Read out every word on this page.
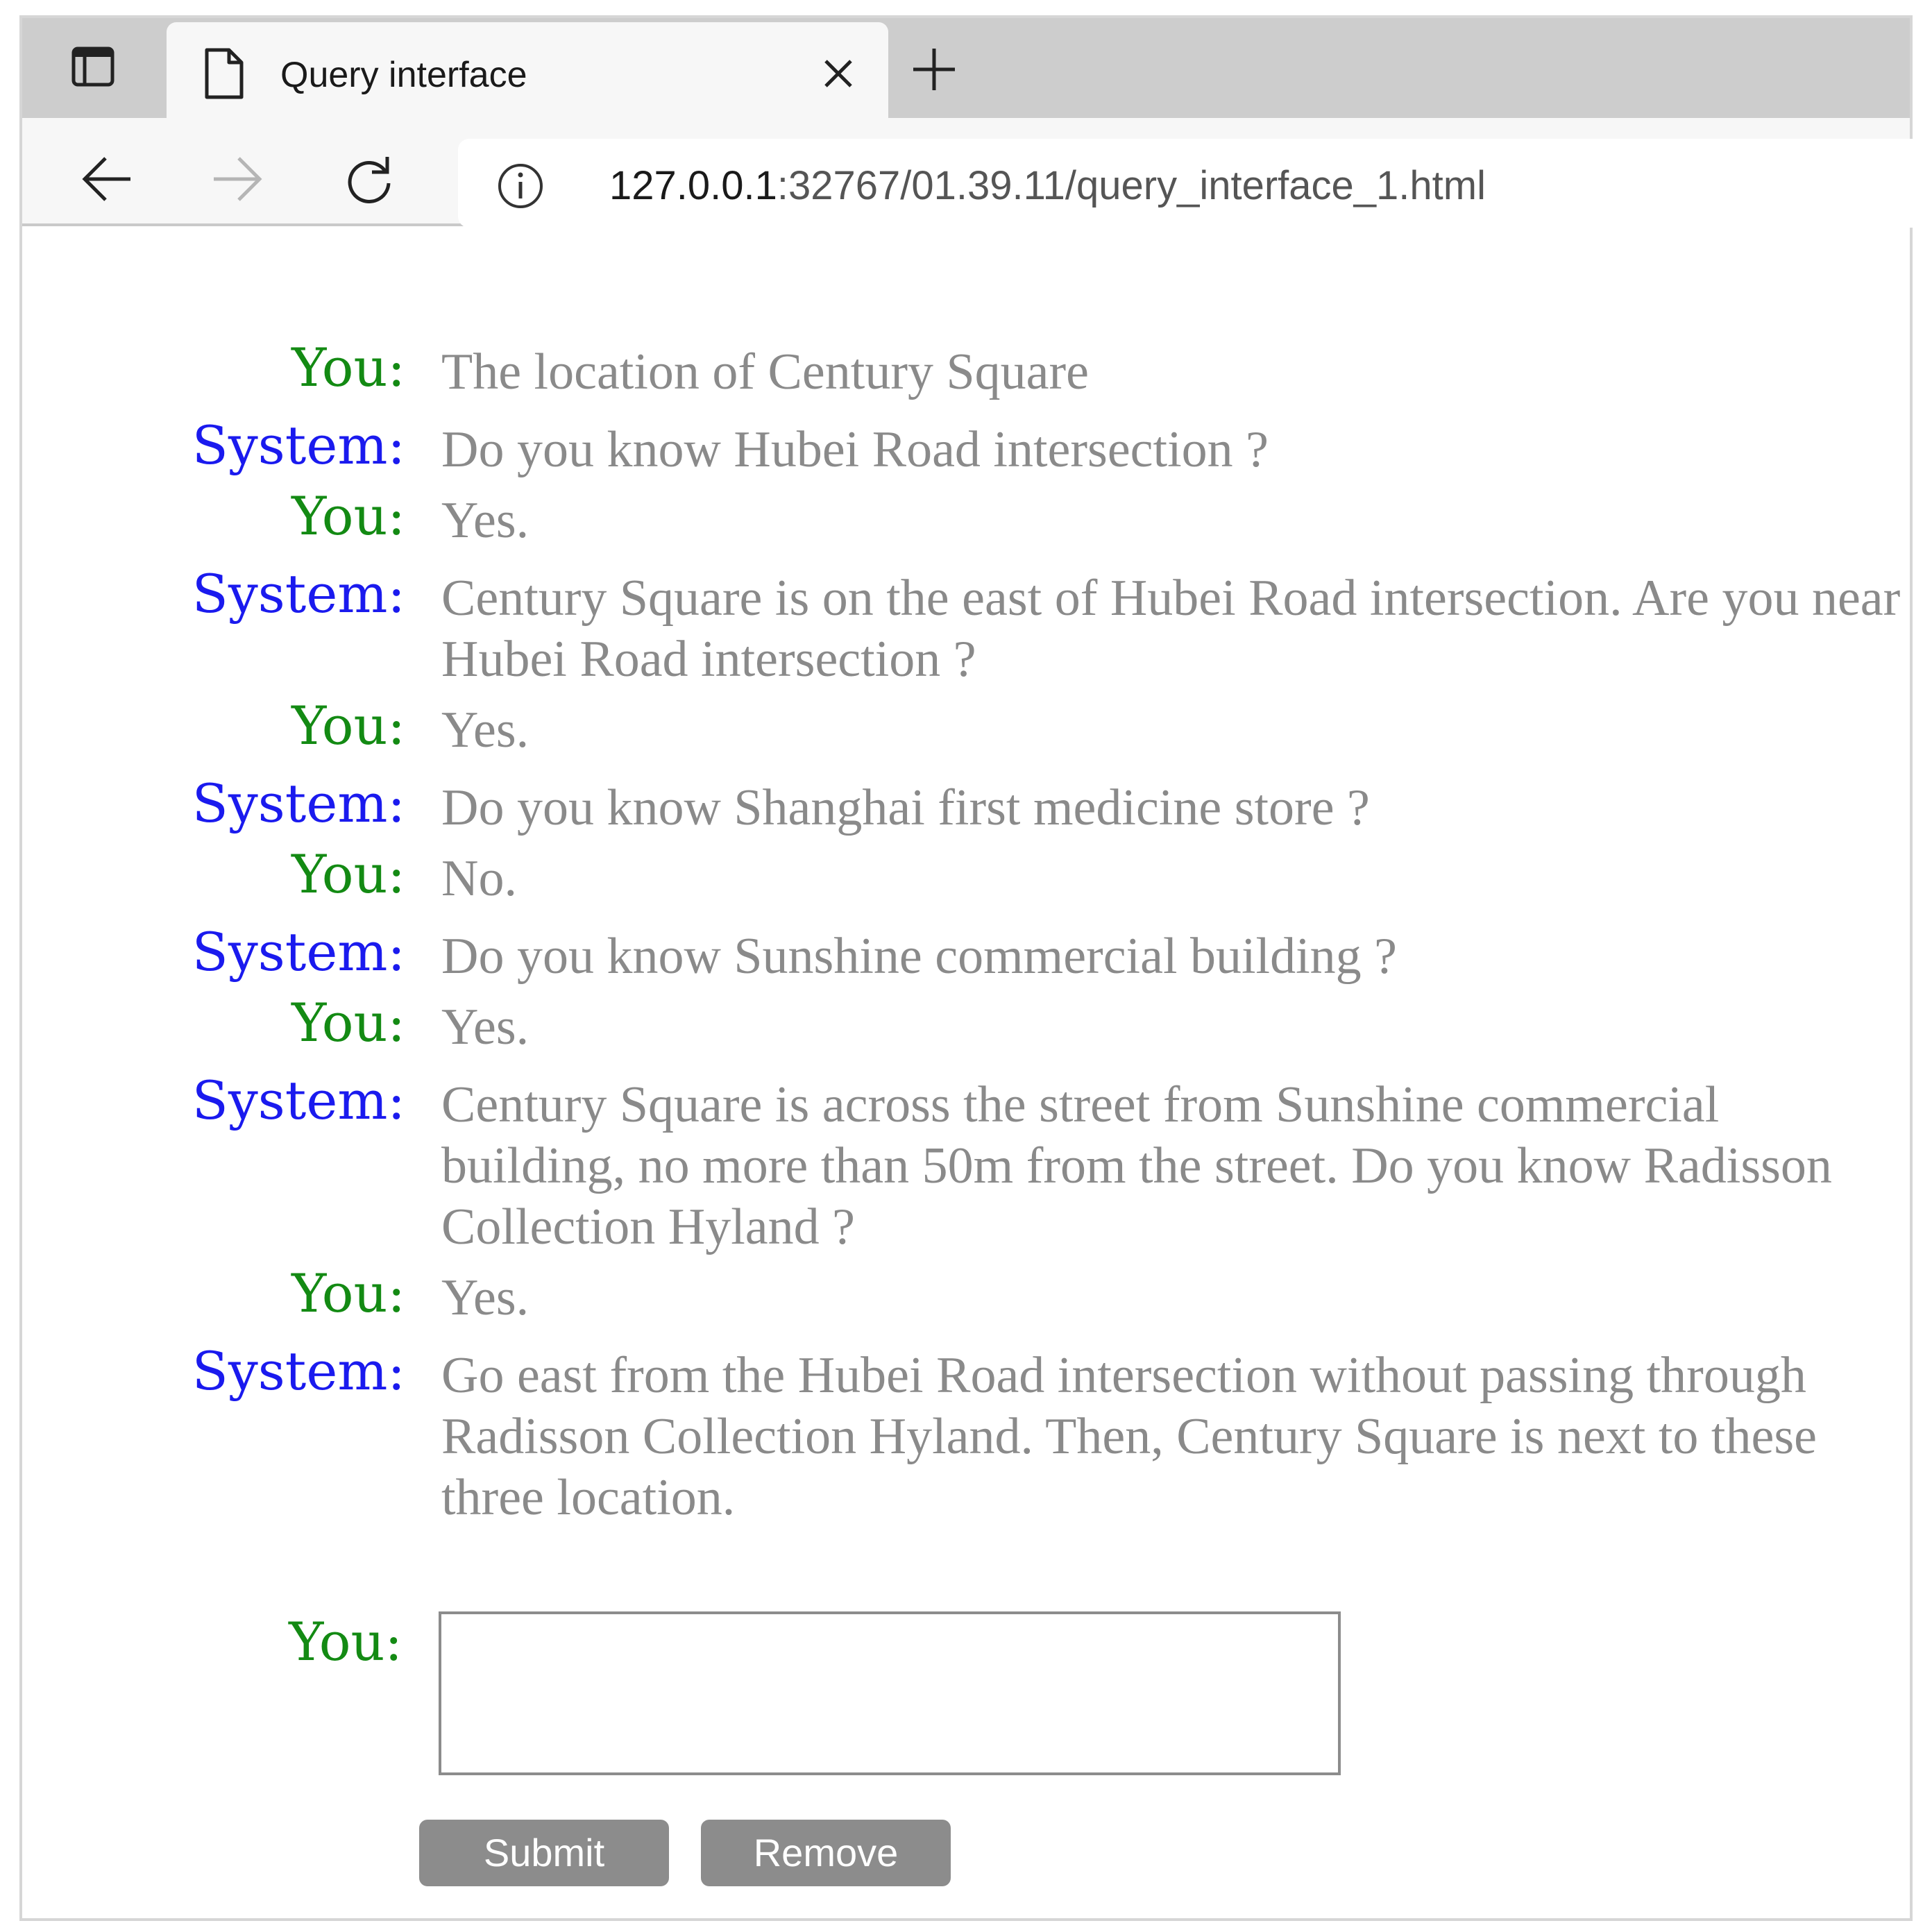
Query interface
127.0.0.1:32767/01.39.11/query_interface_1.html
You: The location of Century Square
System: Do you know Hubei Road intersection ?
You: Yes.
System: Century Square is on the east of Hubei Road intersection. Are you near Hubei Road intersection ?
You: Yes.
System: Do you know Shanghai first medicine store ?
You: No.
System: Do you know Sunshine commercial building ?
You: Yes.
System: Century Square is across the street from Sunshine commercial building, no more than 50m from the street. Do you know Radisson Collection Hyland ?
You: Yes.
System: Go east from the Hubei Road intersection without passing through Radisson Collection Hyland. Then, Century Square is next to these three location.
You:
Submit	Remove
